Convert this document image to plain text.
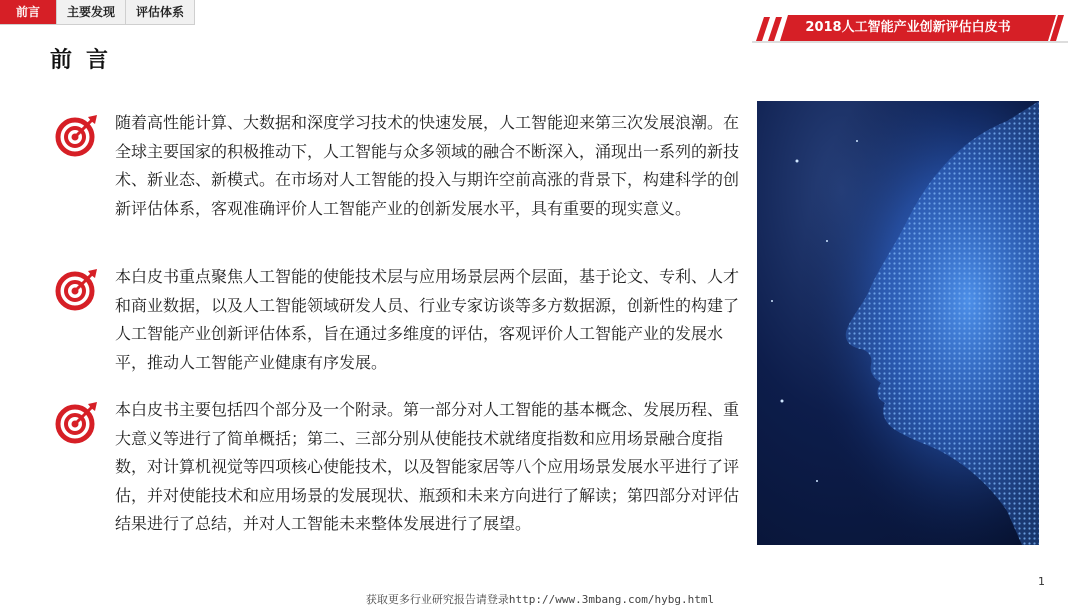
前言	主要发现	评估体系
2018人工智能产业创新评估白皮书
前言
随着高性能计算、大数据和深度学习技术的快速发展，人工智能迎来第三次发展浪潮。在全球主要国家的积极推动下，人工智能与众多领域的融合不断深入，涌现出一系列的新技术、新业态、新模式。在市场对人工智能的投入与期许空前高涨的背景下，构建科学的创新评估体系，客观准确评价人工智能产业的创新发展水平，具有重要的现实意义。
本白皮书重点聚焦人工智能的使能技术层与应用场景层两个层面，基于论文、专利、人才和商业数据，以及人工智能领域研发人员、行业专家访谈等多方数据源，创新性的构建了人工智能产业创新评估体系，旨在通过多维度的评估，客观评价人工智能产业的发展水平，推动人工智能产业健康有序发展。
本白皮书主要包括四个部分及一个附录。第一部分对人工智能的基本概念、发展历程、重大意义等进行了简单概括；第二、三部分别从使能技术就绪度指数和应用场景融合度指数，对计算机视觉等四项核心使能技术，以及智能家居等八个应用场景发展水平进行了评估，并对使能技术和应用场景的发展现状、瓶颈和未来方向进行了解读；第四部分对评估结果进行了总结，并对人工智能未来整体发展进行了展望。
1
获取更多行业研究报告请登录http://www.3mbang.com/hybg.html
